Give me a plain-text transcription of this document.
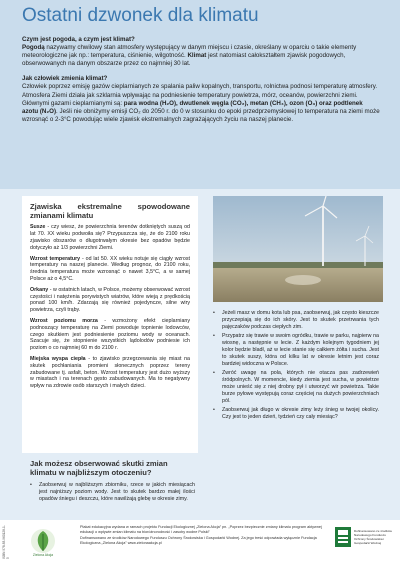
Ostatni dzwonek dla klimatu

Czym jest pogoda, a czym jest klimat?

Pogodą nazywamy chwilowy stan atmosfery występujący w danym miejscu i czasie, określany w oparciu o takie elementy meteorologiczne jak np.: temperatura, ciśnienie, wilgotność. Klimat jest natomiast całokształtem zjawisk pogodowych, obserwowanych na danym obszarze przez co najmniej 30 lat.

Jak człowiek zmienia klimat?

Człowiek poprzez emisję gazów cieplarnianych ze spalania paliw kopalnych, transportu, rolnictwa podnosi temperaturę atmosfery. Atmosfera Ziemi działa jak szklarnia wpływając na podniesienie temperatury powietrza, mórz, oceanów, powierzchni ziemi. Głównymi gazami cieplarnianymi są: para wodna (H₂O), dwutlenek węgla (CO₂), metan (CH₄), ozon (O₃) oraz podtlenek azotu (N₂O). Jeśli nie obniżymy emisji CO₂ do 2050 r. do 0 w stosunku do epoki przedprzemysłowej to temperatura na ziemi może wzrosnąć o 2-3°C powodując wiele zjawisk ekstremalnych zagrażających życiu na naszej planecie.

Zjawiska ekstremalne spowodowane zmianami klimatu

Susze - czy wiesz, że powierzchnia terenów dotkniętych suszą od lat 70. XX wieku podwoiła się? Przypuszcza się, że do 2100 roku zjawisko obszarów o długotrwałym okresie bez opadów będzie dotyczyło aż 1/3 powierzchni Ziemi.

Wzrost temperatury - od lat 50. XX wieku notuje się ciągły wzrost temperatury na naszej planecie. Według prognoz, do 2100 roku, średnia temperatura może wzrosnąć o nawet 3,5°C, a w samej Polsce aż o 4,5°C.

Orkany - w ostatnich latach, w Polsce, możemy obserwować wzrost częstości i natężenia porywistych wiatrów, które wieją z prędkością ponad 100 km/h. Zdarzają się również pojedyncze, silne wiry powietrza, czyli trąby.

Wzrost poziomu morza - wzmożony efekt cieplarniany podnoszący temperaturę na Ziemi powoduje topnienie lodowców, czego skutkiem jest podniesienie poziomu wody w oceanach. Szacuje się, że stopnienie wszystkich lądolodów podniesie ich poziom o co najmniej 60 m do 2100 r.

Miejska wyspa ciepła - to zjawisko przegrzewania się miast na skutek pochłaniania promieni słonecznych poprzez tereny zabudowane tj. asfalt, beton. Wzrost temperatury jest dużo wyższy w miastach i na terenach gęsto zabudowanych. Ma to negatywny wpływ na zdrowie osób starszych i małych dzieci.

• Jeżeli masz w domu kota lub psa, zaobserwuj, jak często kieszcze przyczepiają się do ich skóry. Jest to skutek przetrwania tych pajęczaków podczas ciepłych zim.
• Przypatrz się trawie w swoim ogródku, trawie w parku, najpierw na wiosnę, a następnie w lecie. Z każdym kolejnym tygodniem jej kolor będzie bladł, aż w lecie stanie się całkiem żółta i sucha. Jest to skutek suszy, która od kilku lat w okresie letnim jest coraz bardziej widoczna w Polsce.
• Zwróć uwagę na pola, których nie otacza pas zadrzewień śródpolnych. W momencie, kiedy ziemia jest sucha, w powietrze może unieść się z niej drobny pył i utworzyć wir powietrza. Takie burze pyłowe występują coraz częściej na dużych powierzchniach pól.
• Zaobserwuj jak długo w okresie zimy leży śnieg w twojej okolicy. Czy jest to jeden dzień, tydzień czy cały miesiąc?

Jak możesz obserwować skutki zmian klimatu w najbliższym otoczeniu?

• Zaobserwuj w najbliższym zbiorniku, rzece w jakich miesiącach jest najniższy poziom wody. Jest to skutek bardzo małej ilości opadów śniegu i deszczu, które nawilżają glebę w okresie zimy.
ISBN 978-83-960128-1-5
Zielona Akcja

Plakat edukacyjna wydana w ramach projektu Fundacji Ekologicznej „Zielona Akcja” pn. „Poprzez bezpiecznie zmiany klimatu program aktywnej edukacji o wpływie zmian klimatu na bioróżnorodność i zasoby wodne Polski”

Dofinansowano ze środków Narodowego Funduszu Ochrony Środowiska i Gospodarki Wodnej. Za jego treść odpowiada wyłącznie Fundacja Ekologiczna „Zielona Akcja” www.zielonaakcja.pl

Dofinansowano ze środków Narodowego Funduszu Ochrony Środowiska i Gospodarki Wodnej
